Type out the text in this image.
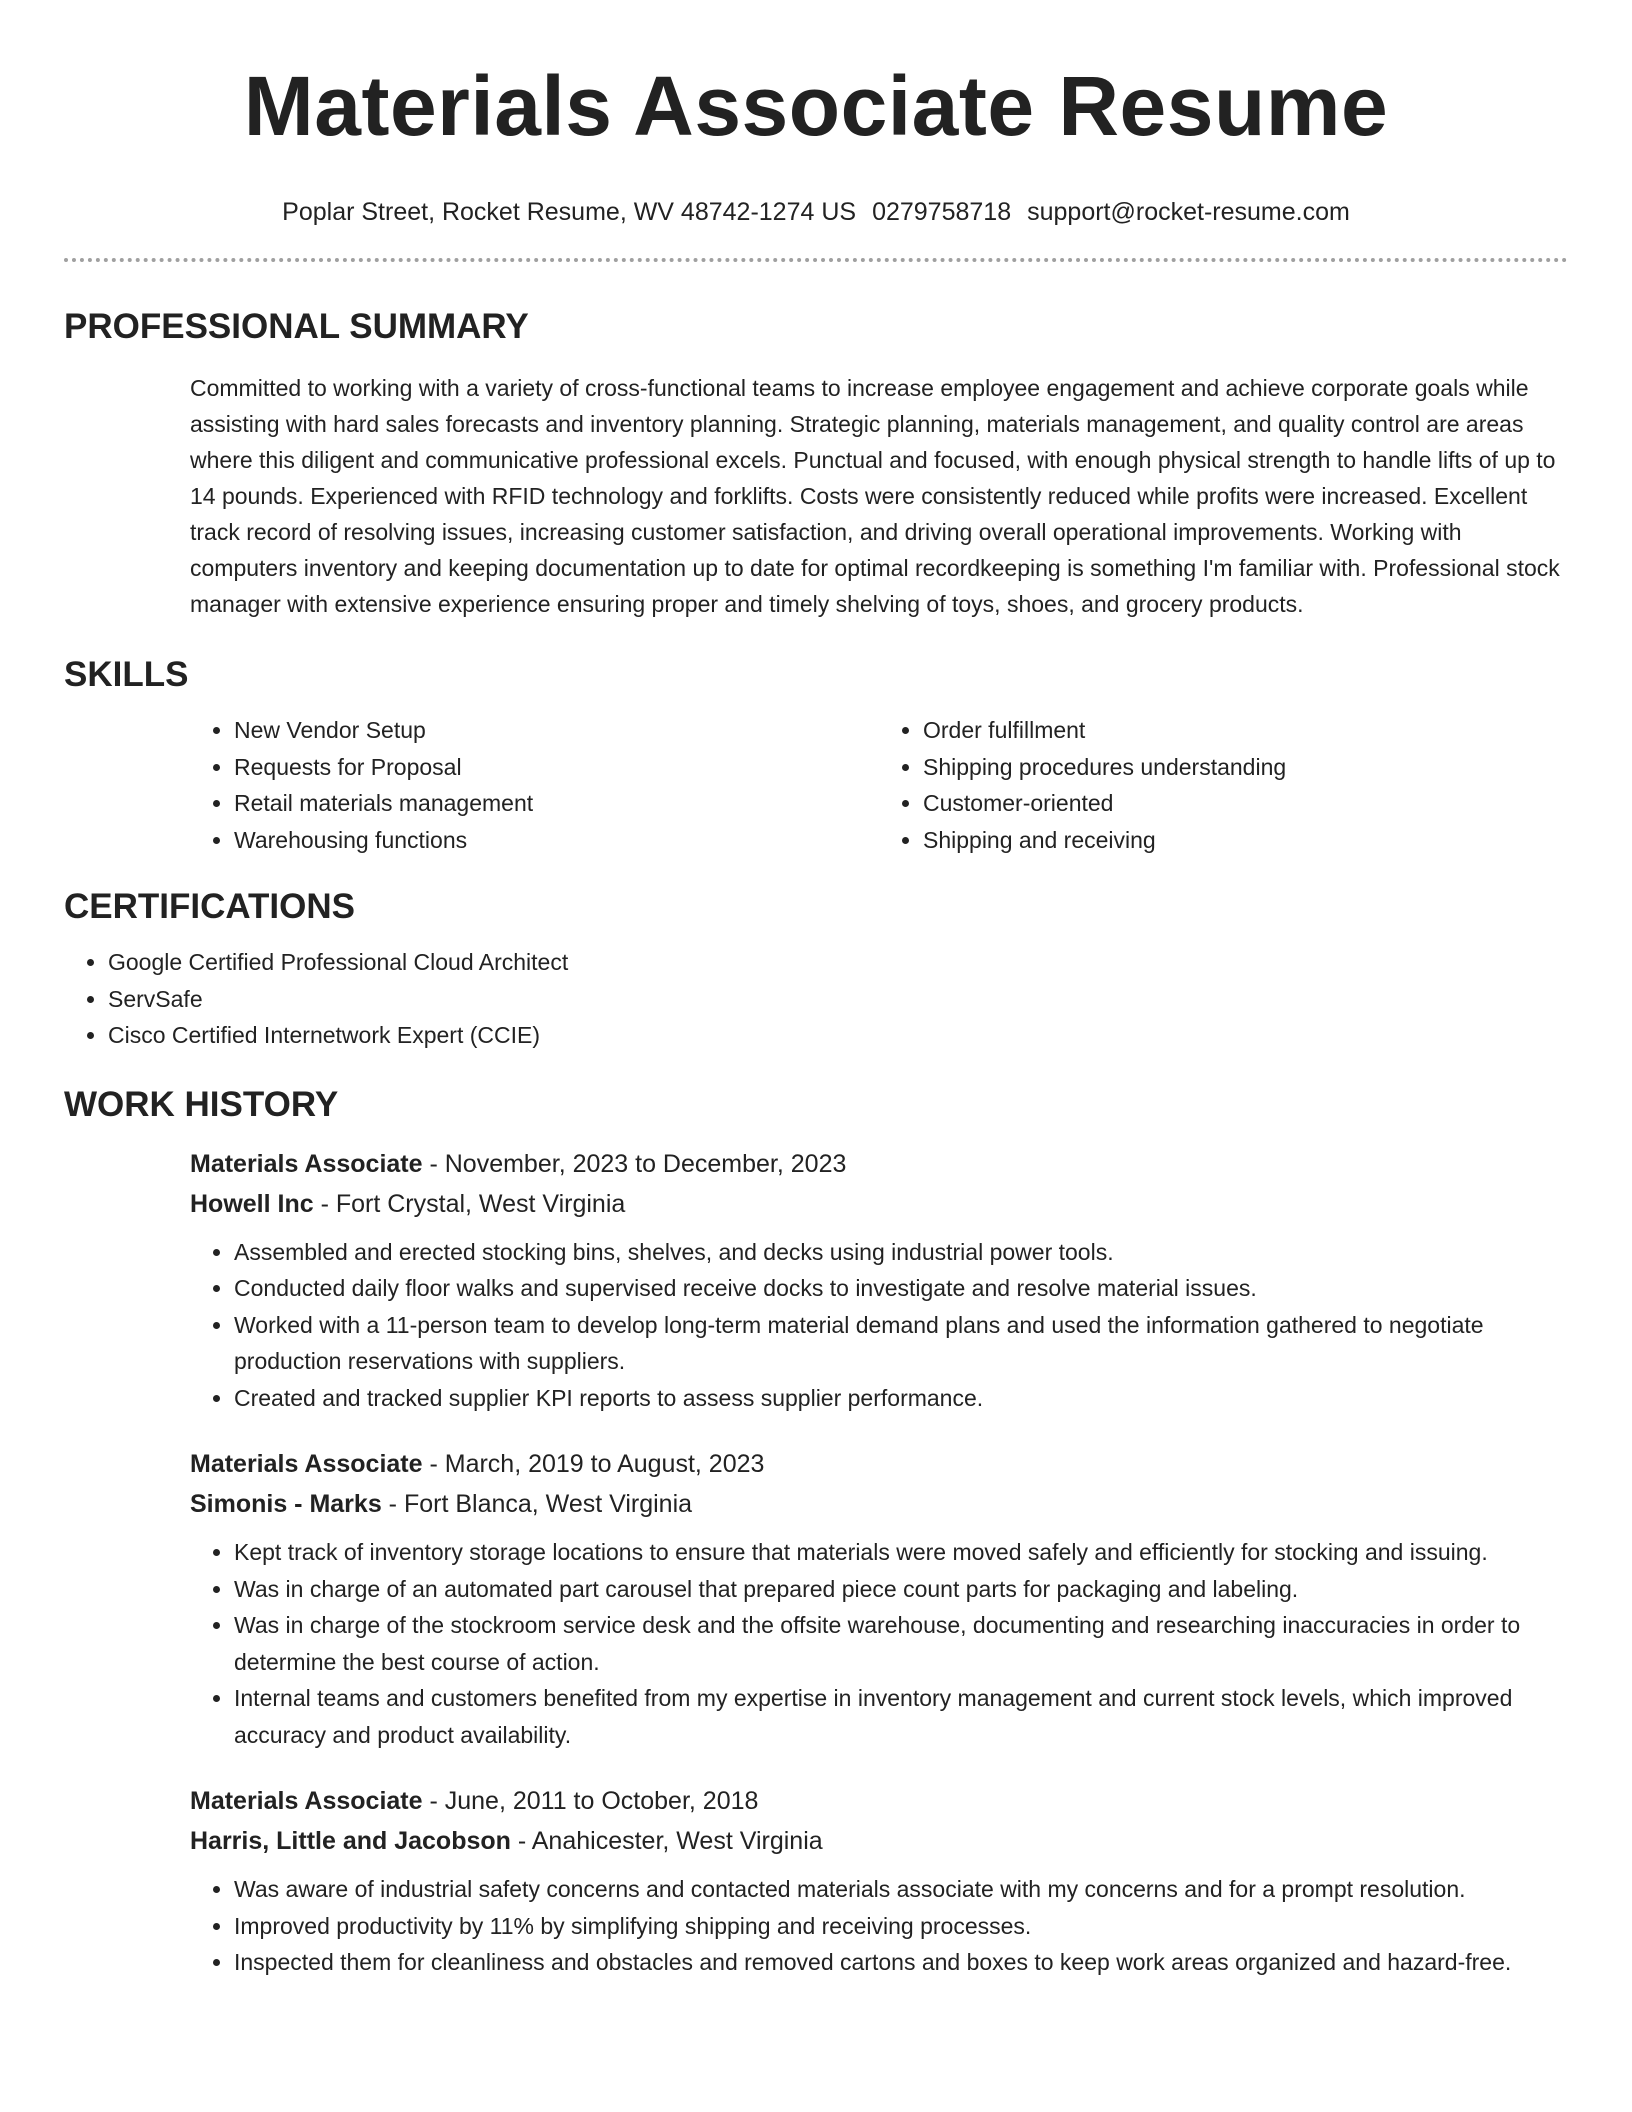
Materials Associate Resume
Poplar Street, Rocket Resume, WV 48742-1274 US 0279758718 support@rocket-resume.com
PROFESSIONAL SUMMARY
Committed to working with a variety of cross-functional teams to increase employee engagement and achieve corporate goals while assisting with hard sales forecasts and inventory planning. Strategic planning, materials management, and quality control are areas where this diligent and communicative professional excels. Punctual and focused, with enough physical strength to handle lifts of up to 14 pounds. Experienced with RFID technology and forklifts. Costs were consistently reduced while profits were increased. Excellent track record of resolving issues, increasing customer satisfaction, and driving overall operational improvements. Working with computers inventory and keeping documentation up to date for optimal recordkeeping is something I'm familiar with. Professional stock manager with extensive experience ensuring proper and timely shelving of toys, shoes, and grocery products.
SKILLS
• New Vendor Setup
• Requests for Proposal
• Retail materials management
• Warehousing functions
• Order fulfillment
• Shipping procedures understanding
• Customer-oriented
• Shipping and receiving
CERTIFICATIONS
• Google Certified Professional Cloud Architect
• ServSafe
• Cisco Certified Internetwork Expert (CCIE)
WORK HISTORY
Materials Associate - November, 2023 to December, 2023
Howell Inc - Fort Crystal, West Virginia
• Assembled and erected stocking bins, shelves, and decks using industrial power tools.
• Conducted daily floor walks and supervised receive docks to investigate and resolve material issues.
• Worked with a 11-person team to develop long-term material demand plans and used the information gathered to negotiate production reservations with suppliers.
• Created and tracked supplier KPI reports to assess supplier performance.
Materials Associate - March, 2019 to August, 2023
Simonis - Marks - Fort Blanca, West Virginia
• Kept track of inventory storage locations to ensure that materials were moved safely and efficiently for stocking and issuing.
• Was in charge of an automated part carousel that prepared piece count parts for packaging and labeling.
• Was in charge of the stockroom service desk and the offsite warehouse, documenting and researching inaccuracies in order to determine the best course of action.
• Internal teams and customers benefited from my expertise in inventory management and current stock levels, which improved accuracy and product availability.
Materials Associate - June, 2011 to October, 2018
Harris, Little and Jacobson - Anahicester, West Virginia
• Was aware of industrial safety concerns and contacted materials associate with my concerns and for a prompt resolution.
• Improved productivity by 11% by simplifying shipping and receiving processes.
• Inspected them for cleanliness and obstacles and removed cartons and boxes to keep work areas organized and hazard-free.
